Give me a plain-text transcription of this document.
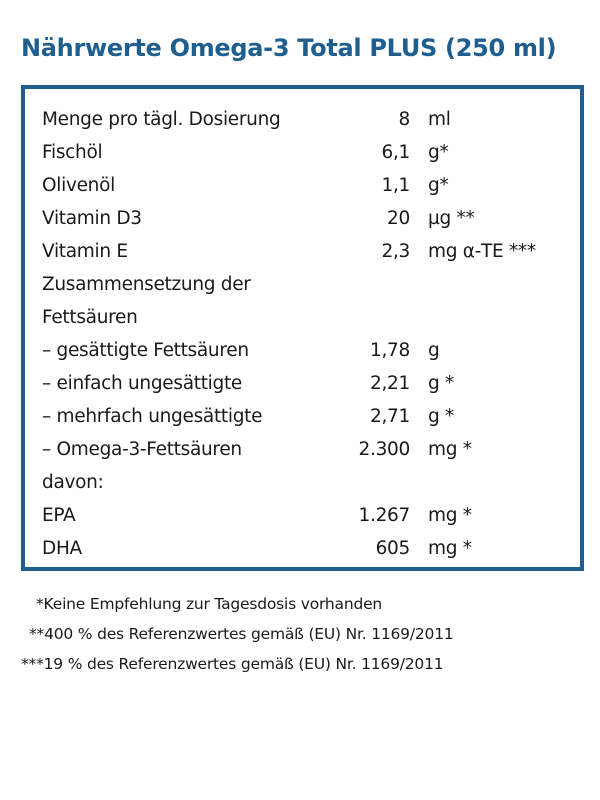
Nährwerte Omega-3 Total PLUS (250 ml)
Menge pro tägl. Dosierung	8 ml
Fischöl	6,1 g*
Olivenöl	1,1 g*
Vitamin D3	20 µg **
Vitamin E	2,3 mg α-TE ***
Zusammensetzung der
Fettsäuren
– gesättigte Fettsäuren	1,78 g
– einfach ungesättigte	2,21 g *
– mehrfach ungesättigte	2,71 g *
– Omega-3-Fettsäuren	2.300 mg *
davon:
EPA	1.267 mg *
DHA	605 mg *
*Keine Empfehlung zur Tagesdosis vorhanden
**400 % des Referenzwertes gemäß (EU) Nr. 1169/2011
***19 % des Referenzwertes gemäß (EU) Nr. 1169/2011
